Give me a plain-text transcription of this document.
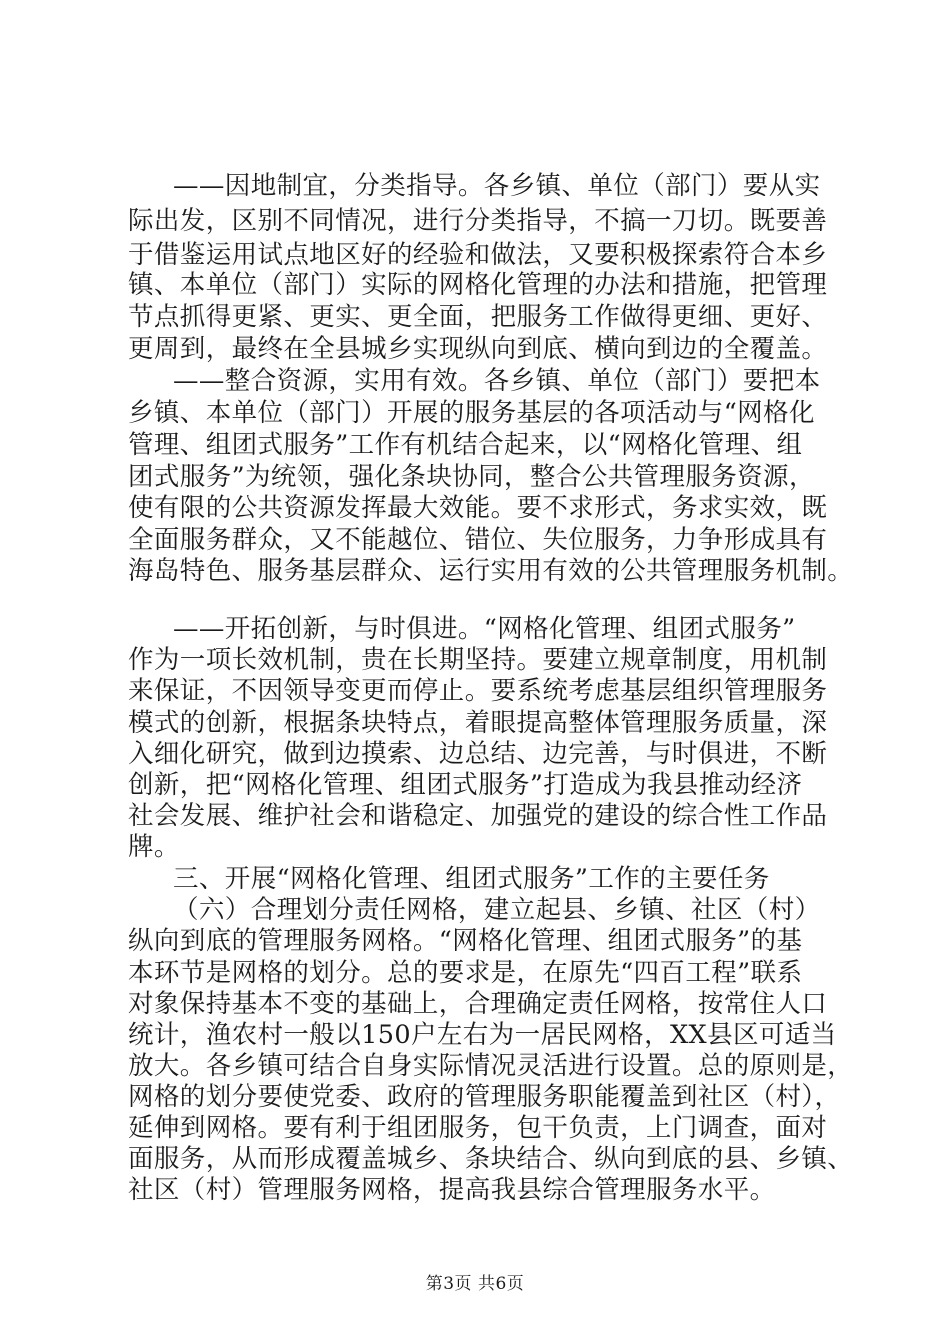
——因地制宜，分类指导。各乡镇、单位（部门）要从实
际出发，区别不同情况，进行分类指导，不搞一刀切。既要善
于借鉴运用试点地区好的经验和做法，又要积极探索符合本乡
镇、本单位（部门）实际的网格化管理的办法和措施，把管理
节点抓得更紧、更实、更全面，把服务工作做得更细、更好、
更周到，最终在全县城乡实现纵向到底、横向到边的全覆盖。
——整合资源，实用有效。各乡镇、单位（部门）要把本
乡镇、本单位（部门）开展的服务基层的各项活动与“网格化
管理、组团式服务”工作有机结合起来，以“网格化管理、组
团式服务”为统领，强化条块协同，整合公共管理服务资源，
使有限的公共资源发挥最大效能。要不求形式，务求实效，既
全面服务群众，又不能越位、错位、失位服务，力争形成具有
海岛特色、服务基层群众、运行实用有效的公共管理服务机制。
——开拓创新，与时俱进。“网格化管理、组团式服务”
作为一项长效机制，贵在长期坚持。要建立规章制度，用机制
来保证，不因领导变更而停止。要系统考虑基层组织管理服务
模式的创新，根据条块特点，着眼提高整体管理服务质量，深
入细化研究，做到边摸索、边总结、边完善，与时俱进，不断
创新，把“网格化管理、组团式服务”打造成为我县推动经济
社会发展、维护社会和谐稳定、加强党的建设的综合性工作品
牌。
三、开展“网格化管理、组团式服务”工作的主要任务
（六）合理划分责任网格，建立起县、乡镇、社区（村）
纵向到底的管理服务网格。“网格化管理、组团式服务”的基
本环节是网格的划分。总的要求是，在原先“四百工程”联系
对象保持基本不变的基础上，合理确定责任网格，按常住人口
统计，渔农村一般以150户左右为一居民网格，XX县区可适当
放大。各乡镇可结合自身实际情况灵活进行设置。总的原则是，
网格的划分要使党委、政府的管理服务职能覆盖到社区（村），
延伸到网格。要有利于组团服务，包干负责，上门调查，面对
面服务，从而形成覆盖城乡、条块结合、纵向到底的县、乡镇、
社区（村）管理服务网格，提高我县综合管理服务水平。
第3页 共6页
